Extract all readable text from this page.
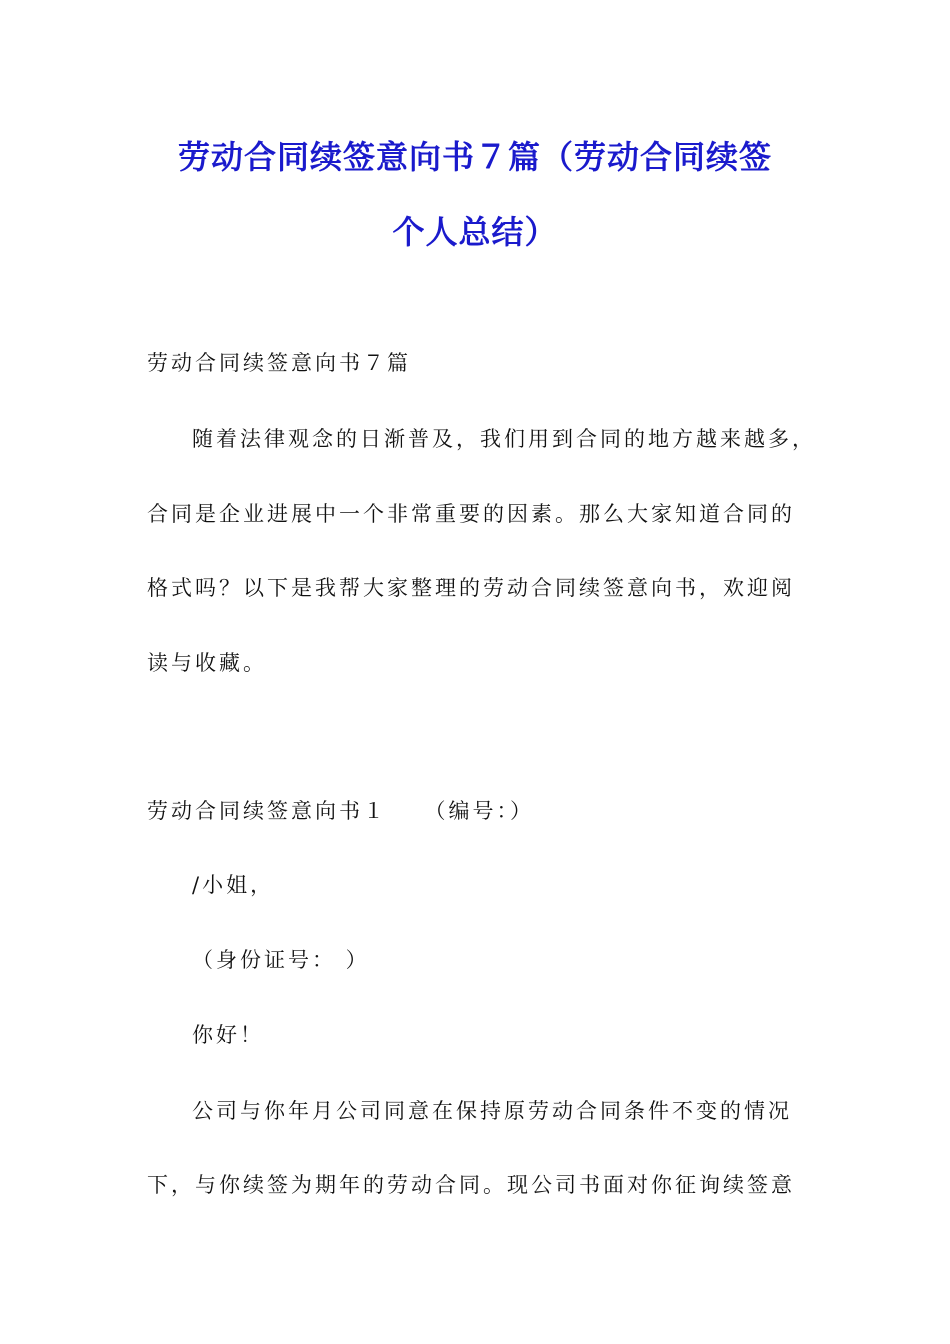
劳动合同续签意向书７篇（劳动合同续签
个人总结）
劳动合同续签意向书７篇
随着法律观念的日渐普及，我们用到合同的地方越来越多，
合同是企业进展中一个非常重要的因素。那么大家知道合同的
格式吗？以下是我帮大家整理的劳动合同续签意向书，欢迎阅
读与收藏。
劳动合同续签意向书１　　（编号：）
/小姐，
（身份证号： ）
你好！
公司与你年月公司同意在保持原劳动合同条件不变的情况
下，与你续签为期年的劳动合同。现公司书面对你征询续签意
